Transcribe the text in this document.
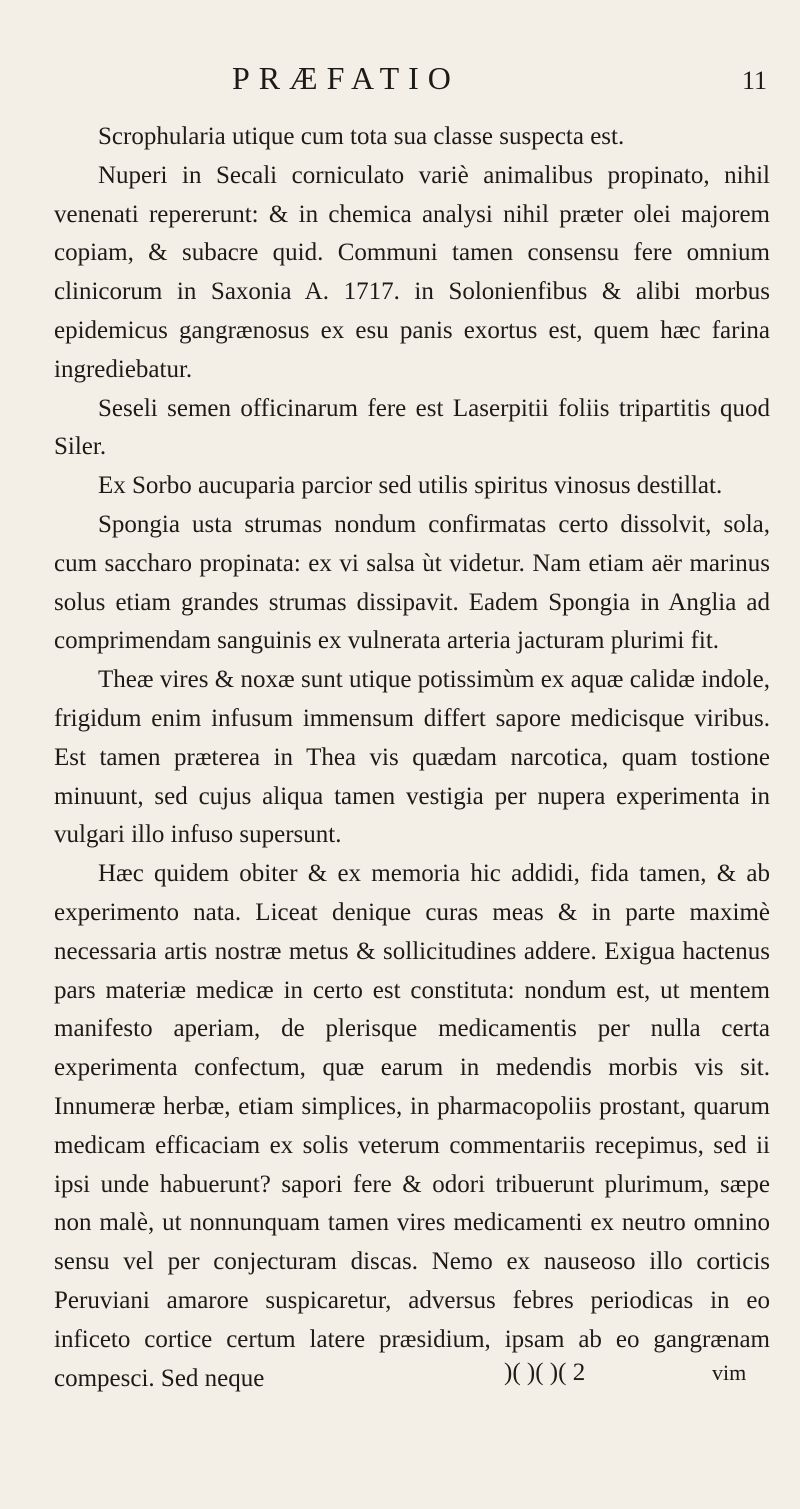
PRÆFATIO	11

Scrophularia utique cum tota sua classe suspecta est.

Nuperi in Secali corniculato variè animalibus propinato, nihil venenati repererunt: & in chemica analysi nihil præter olei majorem copiam, & subacre quid. Communi tamen consensu fere omnium clinicorum in Saxonia A. 1717. in Solonienfibus & alibi morbus epidemicus gangrænosus ex esu panis exortus est, quem hæc farina ingrediebatur.

Seseli semen officinarum fere est Laserpitii foliis tripartitis quod Siler.

Ex Sorbo aucuparia parcior sed utilis spiritus vinosus destillat.

Spongia usta strumas nondum confirmatas certo dissolvit, sola, cum saccharo propinata: ex vi salsa ùt videtur. Nam etiam aër marinus solus etiam grandes strumas dissipavit. Eadem Spongia in Anglia ad comprimendam sanguinis ex vulnerata arteria jacturam plurimi fit.

Theæ vires & noxæ sunt utique potissimùm ex aquæ calidæ indole, frigidum enim infusum immensum differt sapore medicisque viribus. Est tamen præterea in Thea vis quædam narcotica, quam tostione minuunt, sed cujus aliqua tamen vestigia per nupera experimenta in vulgari illo infuso supersunt.

Hæc quidem obiter & ex memoria hic addidi, fida tamen, & ab experimento nata. Liceat denique curas meas & in parte maximè necessaria artis nostræ metus & sollicitudines addere. Exigua hactenus pars materiæ medicæ in certo est constituta: nondum est, ut mentem manifesto aperiam, de plerisque medicamentis per nulla certa experimenta confectum, quæ earum in medendis morbis vis sit. Innumeræ herbæ, etiam simplices, in pharmacopoliis prostant, quarum medicam efficaciam ex solis veterum commentariis recepimus, sed ii ipsi unde habuerunt? sapori fere & odori tribuerunt plurimum, sæpe non malè, ut nonnunquam tamen vires medicamenti ex neutro omnino sensu vel per conjecturam discas. Nemo ex nauseoso illo corticis Peruviani amarore suspicaretur, adversus febres periodicas in eo inficeto cortice certum latere præsidium, ipsam ab eo gangrænam compesci. Sed neque	)( )( )( 2	vim
